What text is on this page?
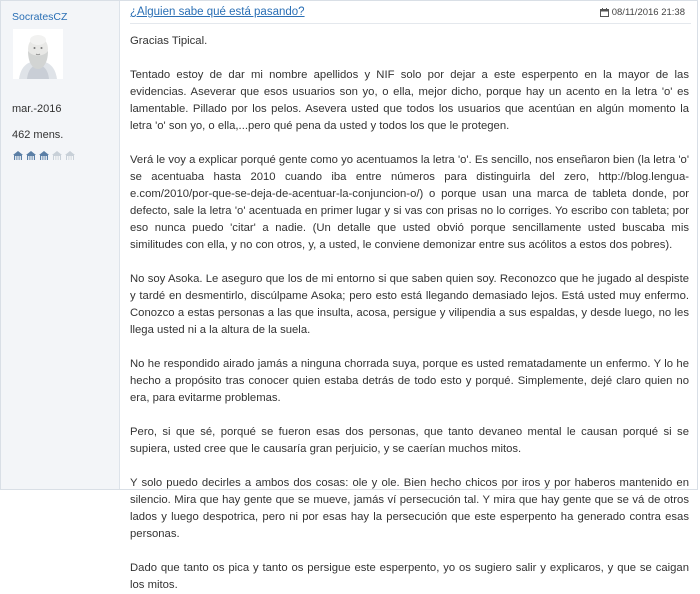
SocratesCZ
mar.-2016
462 mens.
¿Alguien sabe qué está pasando?	08/11/2016 21:38

Gracias Tipical.

Tentado estoy de dar mi nombre apellidos y NIF solo por dejar a este esperpento en la mayor de las evidencias. Aseverar que esos usuarios son yo, o ella, mejor dicho, porque hay un acento en la letra 'o' es lamentable. Pillado por los pelos. Asevera usted que todos los usuarios que acentúan en algún momento la letra 'o' son yo, o ella,...pero qué pena da usted y todos los que le protegen.

Verá le voy a explicar porqué gente como yo acentuamos la letra 'o'. Es sencillo, nos enseñaron bien (la letra 'o' se acentuaba hasta 2010 cuando iba entre números para distinguirla del zero, http://blog.lengua-e.com/2010/por-que-se-deja-de-acentuar-la-conjuncion-o/) o porque usan una marca de tableta donde, por defecto, sale la letra 'o' acentuada en primer lugar y si vas con prisas no lo corriges. Yo escribo con tableta; por eso nunca puedo 'citar' a nadie. (Un detalle que usted obvió porque sencillamente usted buscaba mis similitudes con ella, y no con otros, y, a usted, le conviene demonizar entre sus acólitos a estos dos pobres).

No soy Asoka. Le aseguro que los de mi entorno si que saben quien soy. Reconozco que he jugado al despiste y tardé en desmentirlo, discúlpame Asoka; pero esto está llegando demasiado lejos. Está usted muy enfermo. Conozco a estas personas a las que insulta, acosa, persigue y vilipendia a sus espaldas, y desde luego, no les llega usted ni a la altura de la suela.

No he respondido airado jamás a ninguna chorrada suya, porque es usted rematadamente un enfermo. Y lo he hecho a propósito tras conocer quien estaba detrás de todo esto y porqué. Simplemente, dejé claro quien no era, para evitarme problemas.

Pero, si que sé, porqué se fueron esas dos personas, que tanto devaneo mental le causan porqué si se supiera, usted cree que le causaría gran perjuicio, y se caerían muchos mitos.

Y solo puedo decirles a ambos dos cosas: ole y ole. Bien hecho chicos por iros y por haberos mantenido en silencio. Mira que hay gente que se mueve, jamás ví persecución tal. Y mira que hay gente que se vá de otros lados y luego despotrica, pero ni por esas hay la persecución que este esperpento ha generado contra esas personas.

Dado que tanto os pica y tanto os persigue este esperpento, yo os sugiero salir y explicaros, y que se caigan los mitos.
